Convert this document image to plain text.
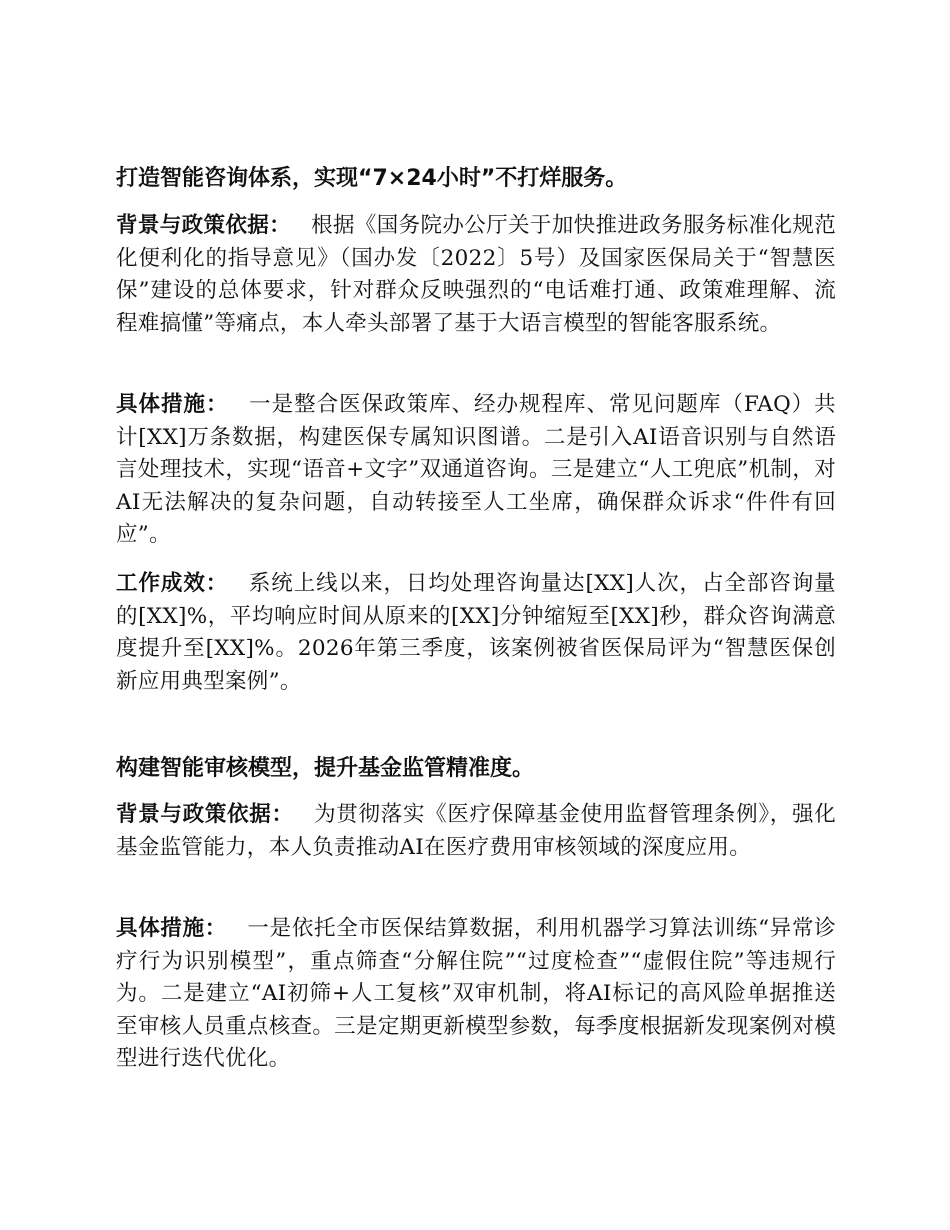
打造智能咨询体系，实现“7×24小时”不打烊服务。

背景与政策依据： 根据《国务院办公厅关于加快推进政务服务标准化规范化便利化的指导意见》（国办发〔2022〕5号）及国家医保局关于“智慧医保”建设的总体要求，针对群众反映强烈的“电话难打通、政策难理解、流程难搞懂”等痛点，本人牵头部署了基于大语言模型的智能客服系统。

具体措施： 一是整合医保政策库、经办规程库、常见问题库（FAQ）共计[XX]万条数据，构建医保专属知识图谱。二是引入AI语音识别与自然语言处理技术，实现“语音+文字”双通道咨询。三是建立“人工兜底”机制，对AI无法解决的复杂问题，自动转接至人工坐席，确保群众诉求“件件有回应”。

工作成效： 系统上线以来，日均处理咨询量达[XX]人次，占全部咨询量的[XX]%，平均响应时间从原来的[XX]分钟缩短至[XX]秒，群众咨询满意度提升至[XX]%。2026年第三季度，该案例被省医保局评为“智慧医保创新应用典型案例”。

构建智能审核模型，提升基金监管精准度。

背景与政策依据： 为贯彻落实《医疗保障基金使用监督管理条例》，强化基金监管能力，本人负责推动AI在医疗费用审核领域的深度应用。

具体措施： 一是依托全市医保结算数据，利用机器学习算法训练“异常诊疗行为识别模型”，重点筛查“分解住院”“过度检查”“虚假住院”等违规行为。二是建立“AI初筛+人工复核”双审机制，将AI标记的高风险单据推送至审核人员重点核查。三是定期更新模型参数，每季度根据新发现案例对模型进行迭代优化。
